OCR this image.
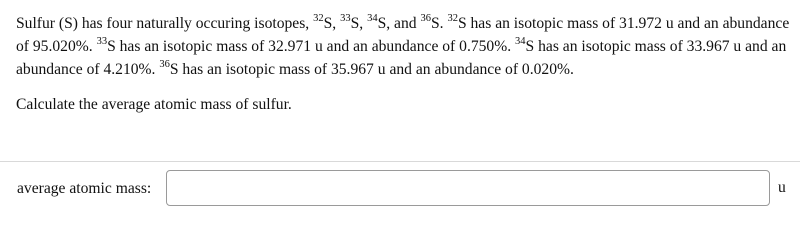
Sulfur (S) has four naturally occuring isotopes, $^{32}$S, $^{33}$S, $^{34}$S, and $^{36}$S. $^{32}$S has an isotopic mass of 31.972 u and an abundance of 95.020%. $^{33}$S has an isotopic mass of 32.971 u and an abundance of 0.750%. $^{34}$S has an isotopic mass of 33.967 u and an abundance of 4.210%. $^{36}$S has an isotopic mass of 35.967 u and an abundance of 0.020%.

Calculate the average atomic mass of sulfur.

average atomic mass:	u
